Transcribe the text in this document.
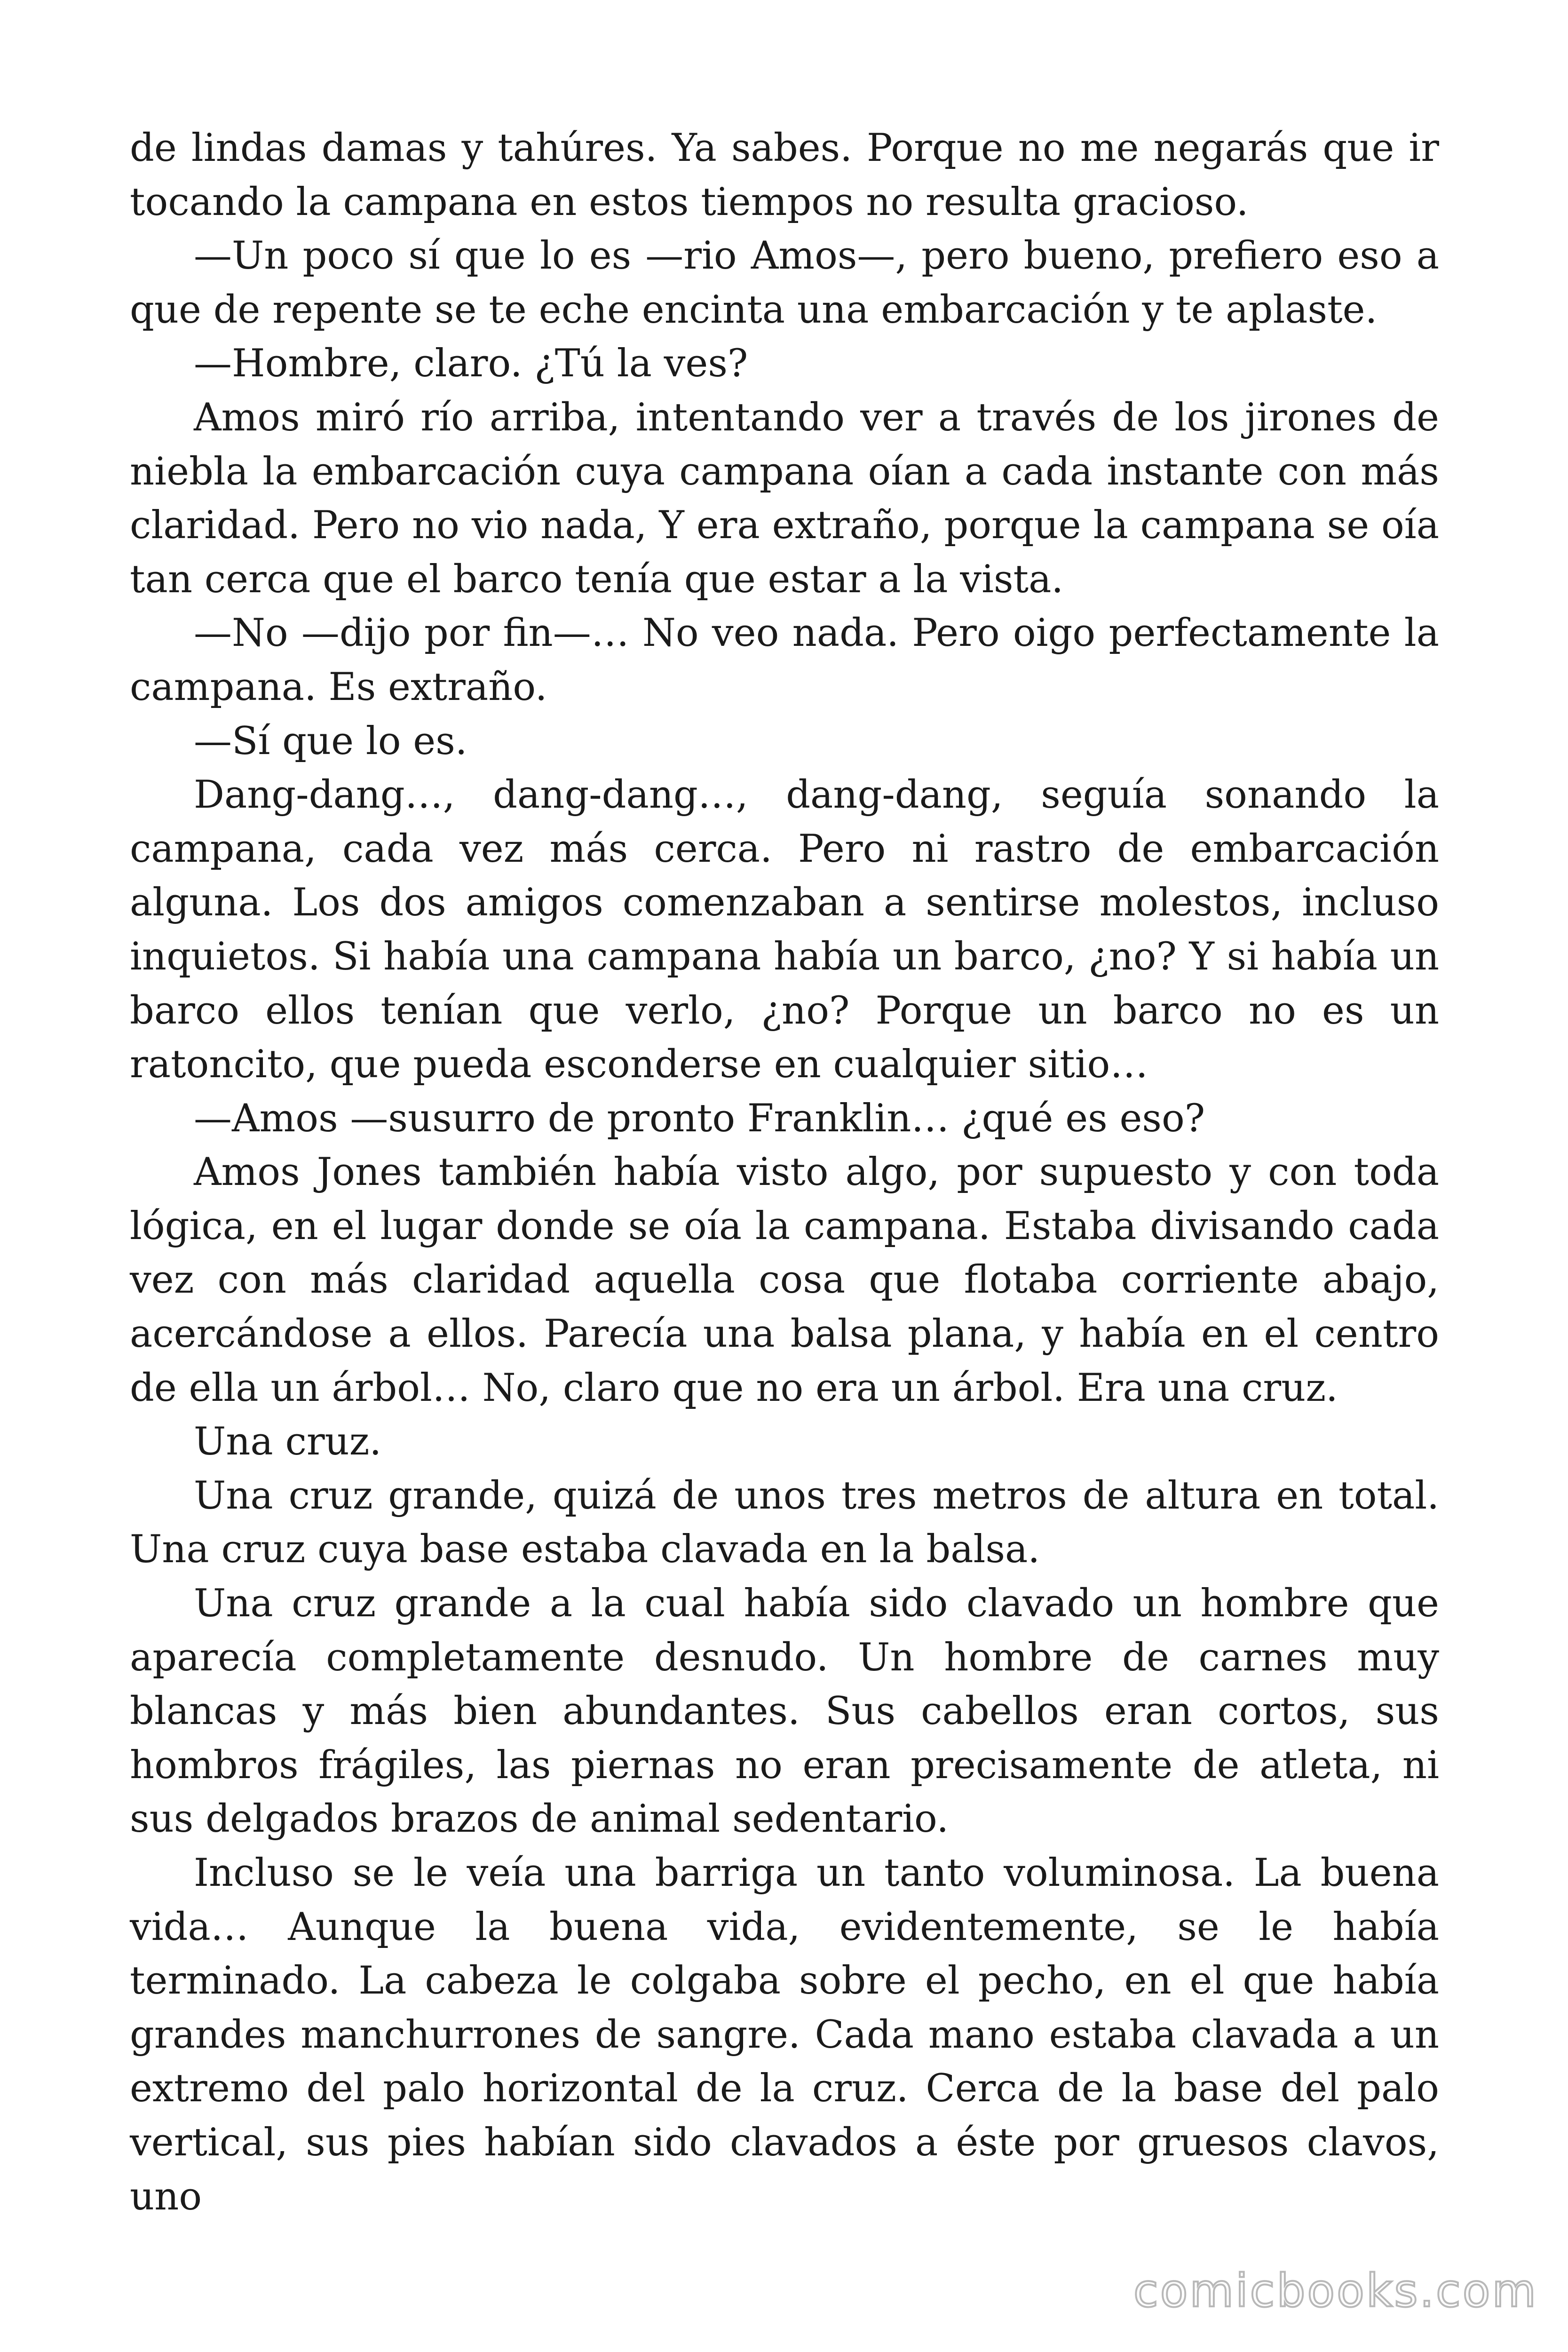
de lindas damas y tahúres. Ya sabes. Porque no me negarás que ir tocando la campana en estos tiempos no resulta gracioso.

—Un poco sí que lo es —rio Amos—, pero bueno, prefiero eso a que de repente se te eche encinta una embarcación y te aplaste.

—Hombre, claro. ¿Tú la ves?

Amos miró río arriba, intentando ver a través de los jirones de niebla la embarcación cuya campana oían a cada instante con más claridad. Pero no vio nada, Y era extraño, porque la campana se oía tan cerca que el barco tenía que estar a la vista.

—No —dijo por fin—… No veo nada. Pero oigo perfectamente la campana. Es extraño.

—Sí que lo es.

Dang-dang…, dang-dang…, dang-dang, seguía sonando la campana, cada vez más cerca. Pero ni rastro de embarcación alguna. Los dos amigos comenzaban a sentirse molestos, incluso inquietos. Si había una campana había un barco, ¿no? Y si había un barco ellos tenían que verlo, ¿no? Porque un barco no es un ratoncito, que pueda esconderse en cualquier sitio…

—Amos —susurro de pronto Franklin… ¿qué es eso?

Amos Jones también había visto algo, por supuesto y con toda lógica, en el lugar donde se oía la campana. Estaba divisando cada vez con más claridad aquella cosa que flotaba corriente abajo, acercándose a ellos. Parecía una balsa plana, y había en el centro de ella un árbol… No, claro que no era un árbol. Era una cruz.

Una cruz.

Una cruz grande, quizá de unos tres metros de altura en total. Una cruz cuya base estaba clavada en la balsa.

Una cruz grande a la cual había sido clavado un hombre que aparecía completamente desnudo. Un hombre de carnes muy blancas y más bien abundantes. Sus cabellos eran cortos, sus hombros frágiles, las piernas no eran precisamente de atleta, ni sus delgados brazos de animal sedentario.

Incluso se le veía una barriga un tanto voluminosa. La buena vida… Aunque la buena vida, evidentemente, se le había terminado. La cabeza le colgaba sobre el pecho, en el que había grandes manchurrones de sangre. Cada mano estaba clavada a un extremo del palo horizontal de la cruz. Cerca de la base del palo vertical, sus pies habían sido clavados a éste por gruesos clavos, uno

comicbooks.com
